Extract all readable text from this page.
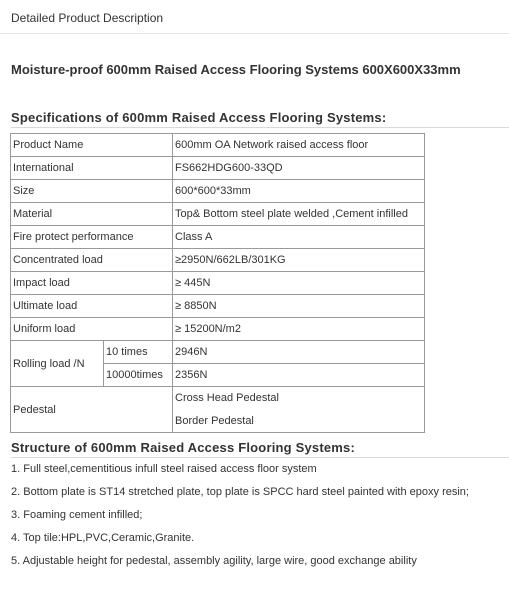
Detailed Product Description
Moisture-proof 600mm Raised Access Flooring Systems 600X600X33mm
Specifications of 600mm Raised Access Flooring Systems:
Product Name		600mm OA Network raised access floor
International		FS662HDG600-33QD
Size		600*600*33mm
Material		Top& Bottom steel plate welded ,Cement infilled
Fire protect performance		Class A
Concentrated load		≥2950N/662LB/301KG
Impact load		≥ 445N
Ultimate load		≥ 8850N
Uniform load		≥ 15200N/m2
Rolling load /N	10 times	2946N
	10000times	2356N
Pedestal		Cross Head Pedestal
		Border Pedestal
Structure of 600mm Raised Access Flooring Systems:
1. Full steel,cementitious infull steel raised access floor system
2. Bottom plate is ST14 stretched plate, top plate is SPCC hard steel painted with epoxy resin;
3. Foaming cement infilled;
4. Top tile:HPL,PVC,Ceramic,Granite.
5. Adjustable height for pedestal, assembly agility, large wire, good exchange ability
